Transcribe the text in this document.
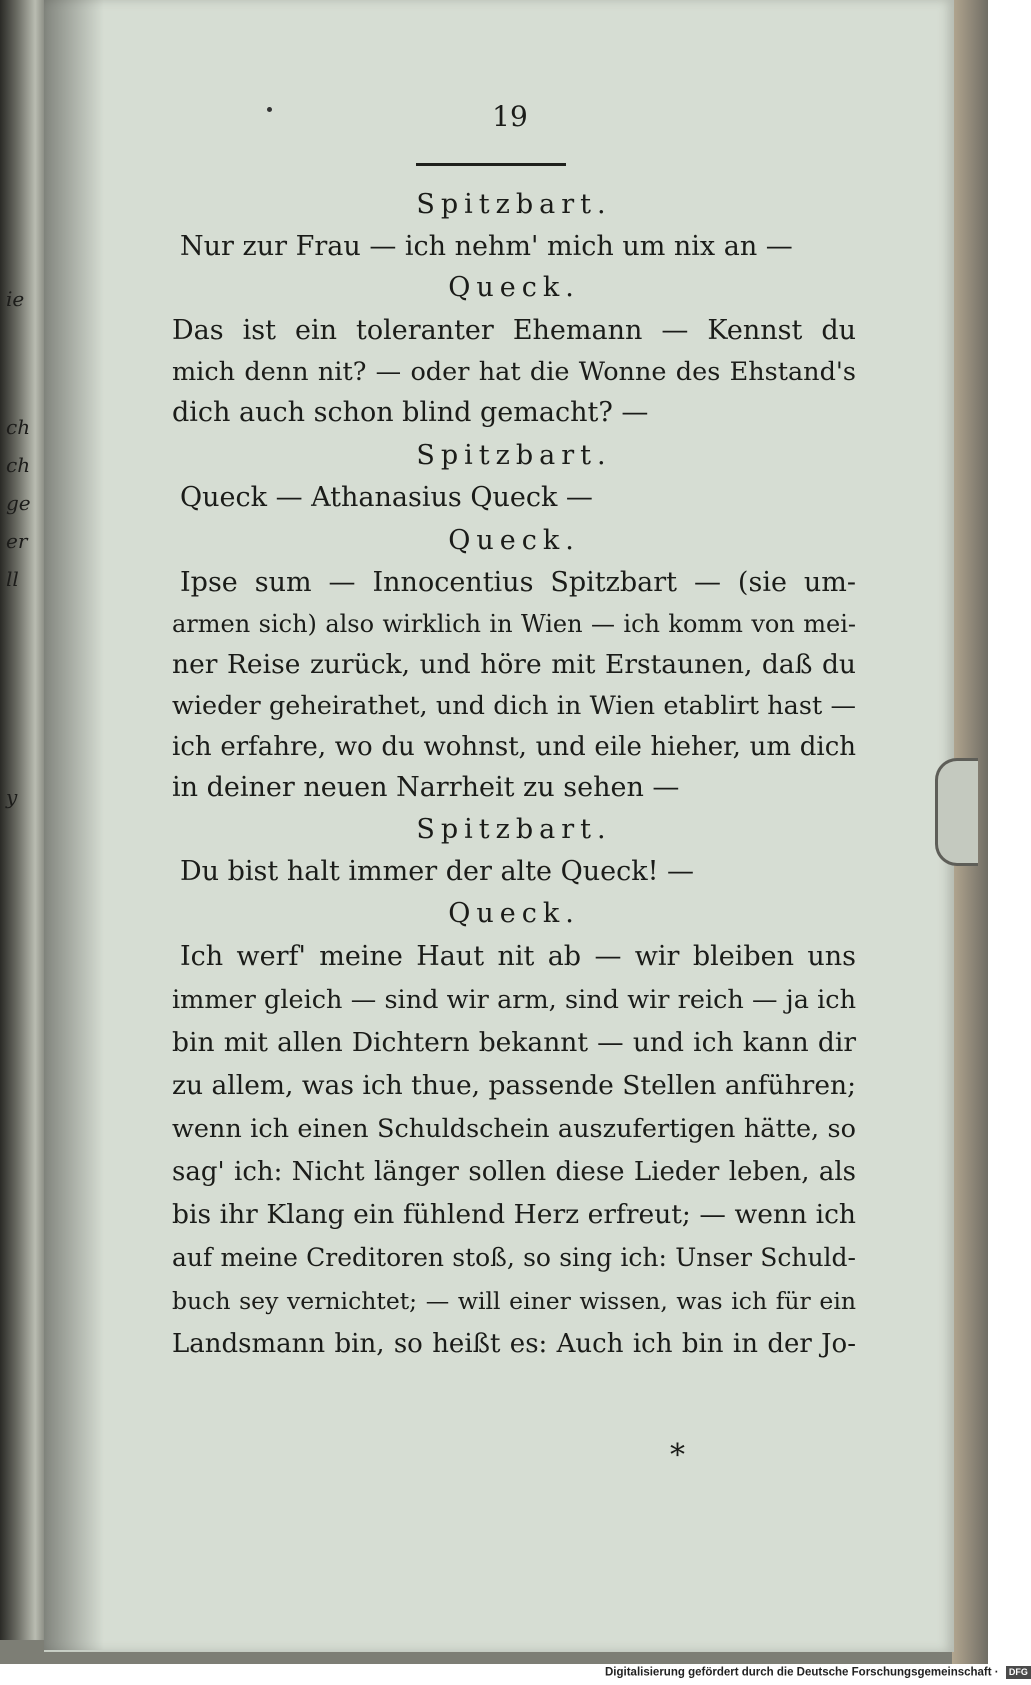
ie
ch
ch
ge
er
ll
y
19
Spitzbart.
Nur zur Frau — ich nehm' mich um nix an —
Queck.
Das ist ein toleranter Ehemann — Kennst du
mich denn nit? — oder hat die Wonne des Ehstand's
dich auch schon blind gemacht? —
Spitzbart.
Queck — Athanasius Queck —
Queck.
Ipse sum — Innocentius Spitzbart — (sie um-
armen sich) also wirklich in Wien — ich komm von mei-
ner Reise zurück, und höre mit Erstaunen, daß du
wieder geheirathet, und dich in Wien etablirt hast —
ich erfahre, wo du wohnst, und eile hieher, um dich
in deiner neuen Narrheit zu sehen —
Spitzbart.
Du bist halt immer der alte Queck! —
Queck.
Ich werf' meine Haut nit ab — wir bleiben uns
immer gleich — sind wir arm, sind wir reich — ja ich
bin mit allen Dichtern bekannt — und ich kann dir
zu allem, was ich thue, passende Stellen anführen;
wenn ich einen Schuldschein auszufertigen hätte, so
sag' ich: Nicht länger sollen diese Lieder leben, als
bis ihr Klang ein fühlend Herz erfreut; — wenn ich
auf meine Creditoren stoß, so sing ich: Unser Schuld-
buch sey vernichtet; — will einer wissen, was ich für ein
Landsmann bin, so heißt es: Auch ich bin in der Jo-
*
Digitalisierung gefördert durch die Deutsche Forschungsgemeinschaft · DFG
